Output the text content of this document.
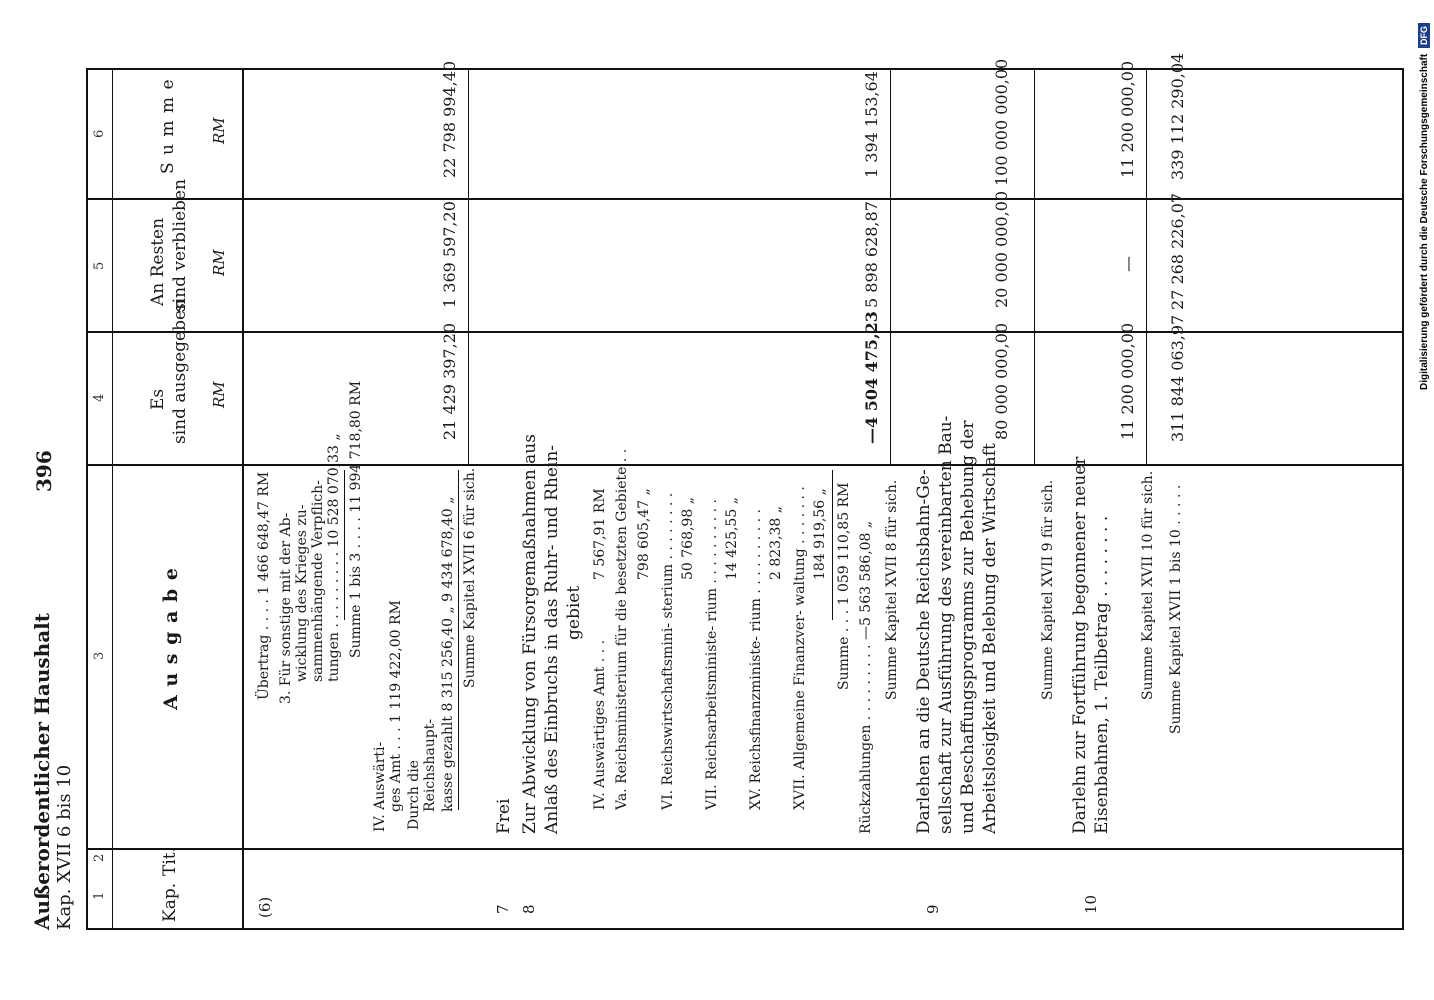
Außerordentlicher Haushalt Kap. XVII 6 bis 10
396
1
2
3
4
5
6
Kap.
Tit.
A u s g a b e
Es sind ausgegeben RM
An Resten sind verblieben RM
S u m m e RM
(6)
Übertrag . . . . 1 466 648,47 RM 3. Für sonstige mit der Ab- wicklung des Krieges zu- sammenhängende Verpflich- tungen . . . . . . . . . 10 528 070,33 „ Summe 1 bis 3 . . . . 11 994 718,80 RM
IV. Auswärti- ges Amt . . . 1 119 422,00 RM Durch die Reichshaupt- kasse gezahlt 8 315 256,40 „ 9 434 678,40 „ Summe Kapitel XVII 6 für sich.
21 429 397,20
1 369 597,20
22 798 994,40
7
Frei
8
Zur Abwicklung von Fürsorgemaßnahmen aus Anlaß des Einbruchs in das Ruhr- und Rhein- gebiet
IV. Auswärtiges Amt . . .
7 567,91 RM Va. Reichsministerium für die besetzten Gebiete . . 798 605,47 „ VI. Reichswirtschaftsmini- sterium . . . . . . . . 50 768,98 „ VII. Reichsarbeitsministe- rium . . . . . . . . . . 14 425,55 „ XV. Reichsfinanzministe- rium . . . . . . . . . . 2 823,38 „ XVII. Allgemeine Finanzver- waltung . . . . . . . 184 919,56 „ Summe . . . 1 059 110,85 RM Rückzahlungen . . . . . . . . . —5 563 586,08 „ Summe Kapitel XVII 8 für sich.
—4 504 475,23
5 898 628,87
1 394 153,64
9
Darlehen an die Deutsche Reichsbahn-Ge- sellschaft zur Ausführung des vereinbarten Bau- und Beschaffungsprogramms zur Behebung der Arbeitslosigkeit und Belebung der Wirtschaft	Summe Kapitel XVII 9 für sich.
80 000 000,00
20 000 000,00
100 000 000,00
10
Darlehn zur Fortführung begonnener neuer Eisenbahnen, 1. Teilbetrag . . . . . . . . Summe Kapitel XVII 10 für sich.
11 200 000,00
—
11 200 000,00
Summe Kapitel XVII 1 bis 10 . . . . .
311 844 063,97
27 268 226,07
339 112 290,04	Digitalisierung gefördert durch die Deutsche Forschungsgemeinschaft DFG
